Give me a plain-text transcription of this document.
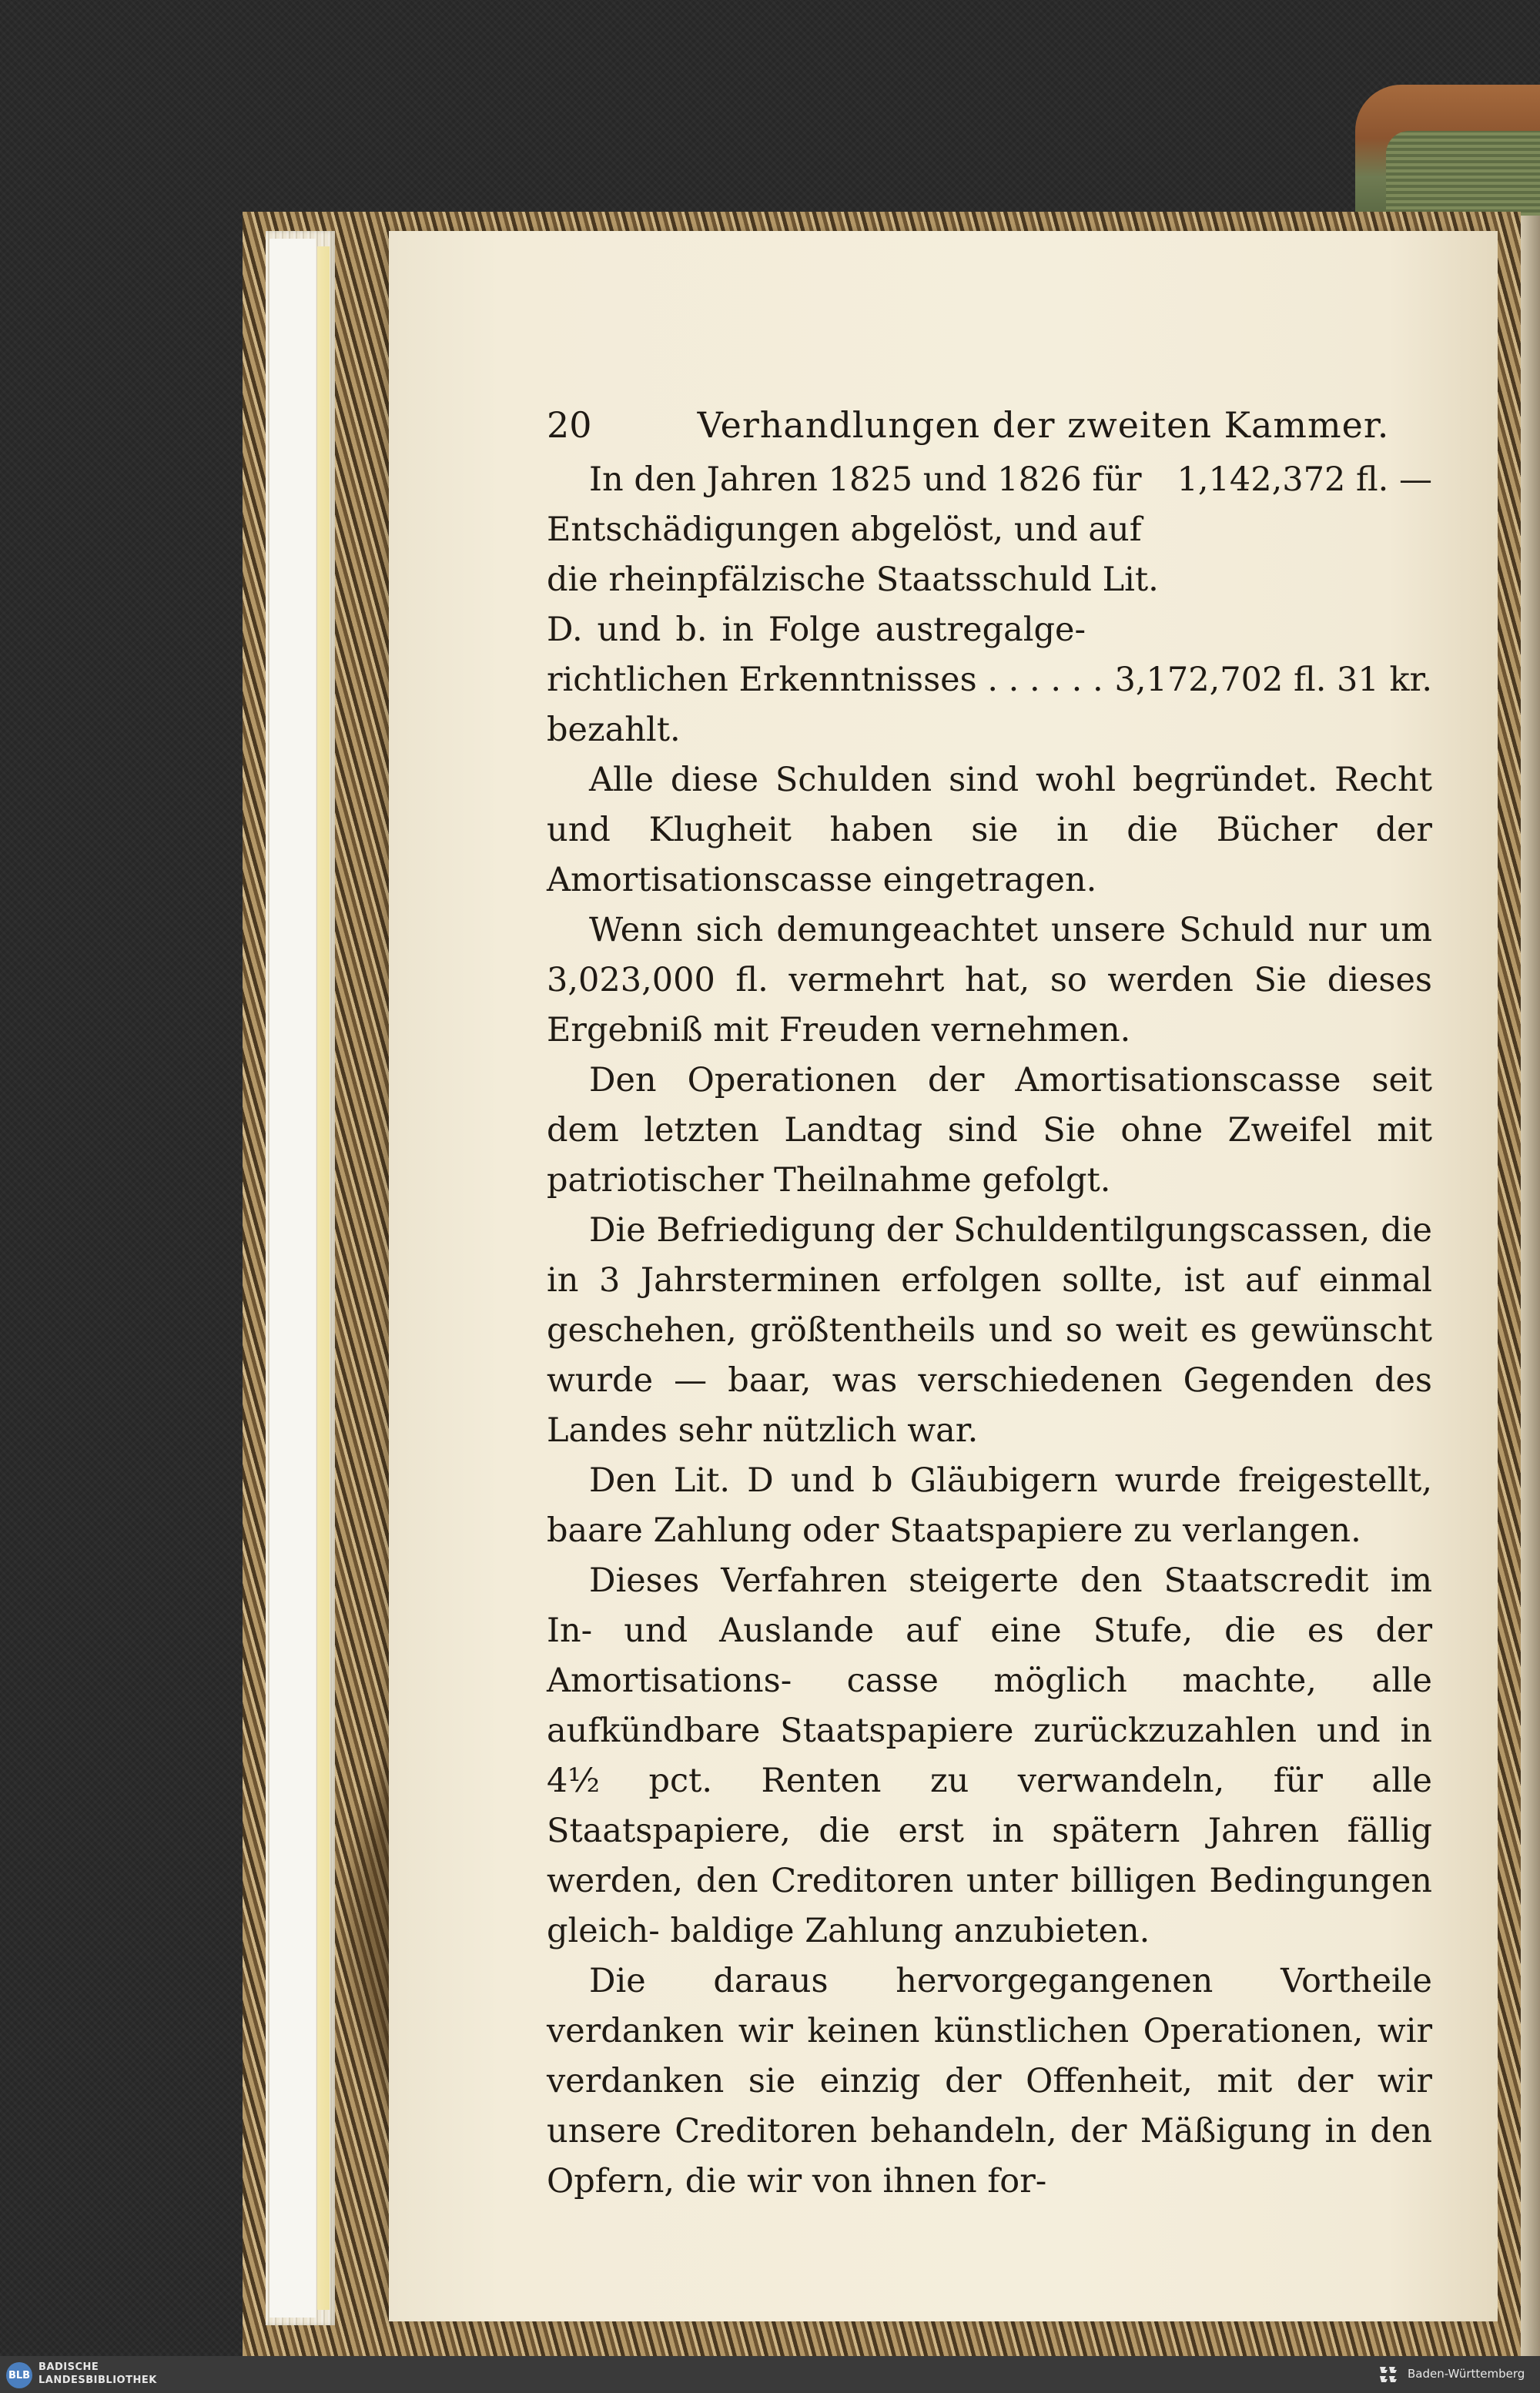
20	Verhandlungen der zweiten Kammer.
In den Jahren 1825 und 1826 für
Entschädigungen abgelöst, und auf
die rheinpfälzische Staatsschuld Lit.
D. und b. in Folge austregalge-
richtlichen Erkenntnisses . . . . . .
bezahlt.
1,142,372 fl. —
3,172,702 fl. 31 kr.

Alle diese Schulden sind wohl begründet. Recht und Klugheit haben sie in die Bücher der Amortisationscasse eingetragen.

Wenn sich demungeachtet unsere Schuld nur um 3,023,000 fl. vermehrt hat, so werden Sie dieses Ergebniß mit Freuden vernehmen.

Den Operationen der Amortisationscasse seit dem letzten Landtag sind Sie ohne Zweifel mit patriotischer Theilnahme gefolgt.

Die Befriedigung der Schuldentilgungscassen, die in 3 Jahrsterminen erfolgen sollte, ist auf einmal geschehen, größtentheils und so weit es gewünscht wurde — baar, was verschiedenen Gegenden des Landes sehr nützlich war.

Den Lit. D und b Gläubigern wurde freigestellt, baare Zahlung oder Staatspapiere zu verlangen.

Dieses Verfahren steigerte den Staatscredit im In- und Auslande auf eine Stufe, die es der Amortisations- casse möglich machte, alle aufkündbare Staatspapiere zurückzuzahlen und in 4½ pct. Renten zu verwandeln, für alle Staatspapiere, die erst in spätern Jahren fällig werden, den Creditoren unter billigen Bedingungen gleich- baldige Zahlung anzubieten.

Die daraus hervorgegangenen Vortheile verdanken wir keinen künstlichen Operationen, wir verdanken sie einzig der Offenheit, mit der wir unsere Creditoren behandeln, der Mäßigung in den Opfern, die wir von ihnen for-

BLB
BADISCHE
LANDESBIBLIOTHEK	Baden-Württemberg
